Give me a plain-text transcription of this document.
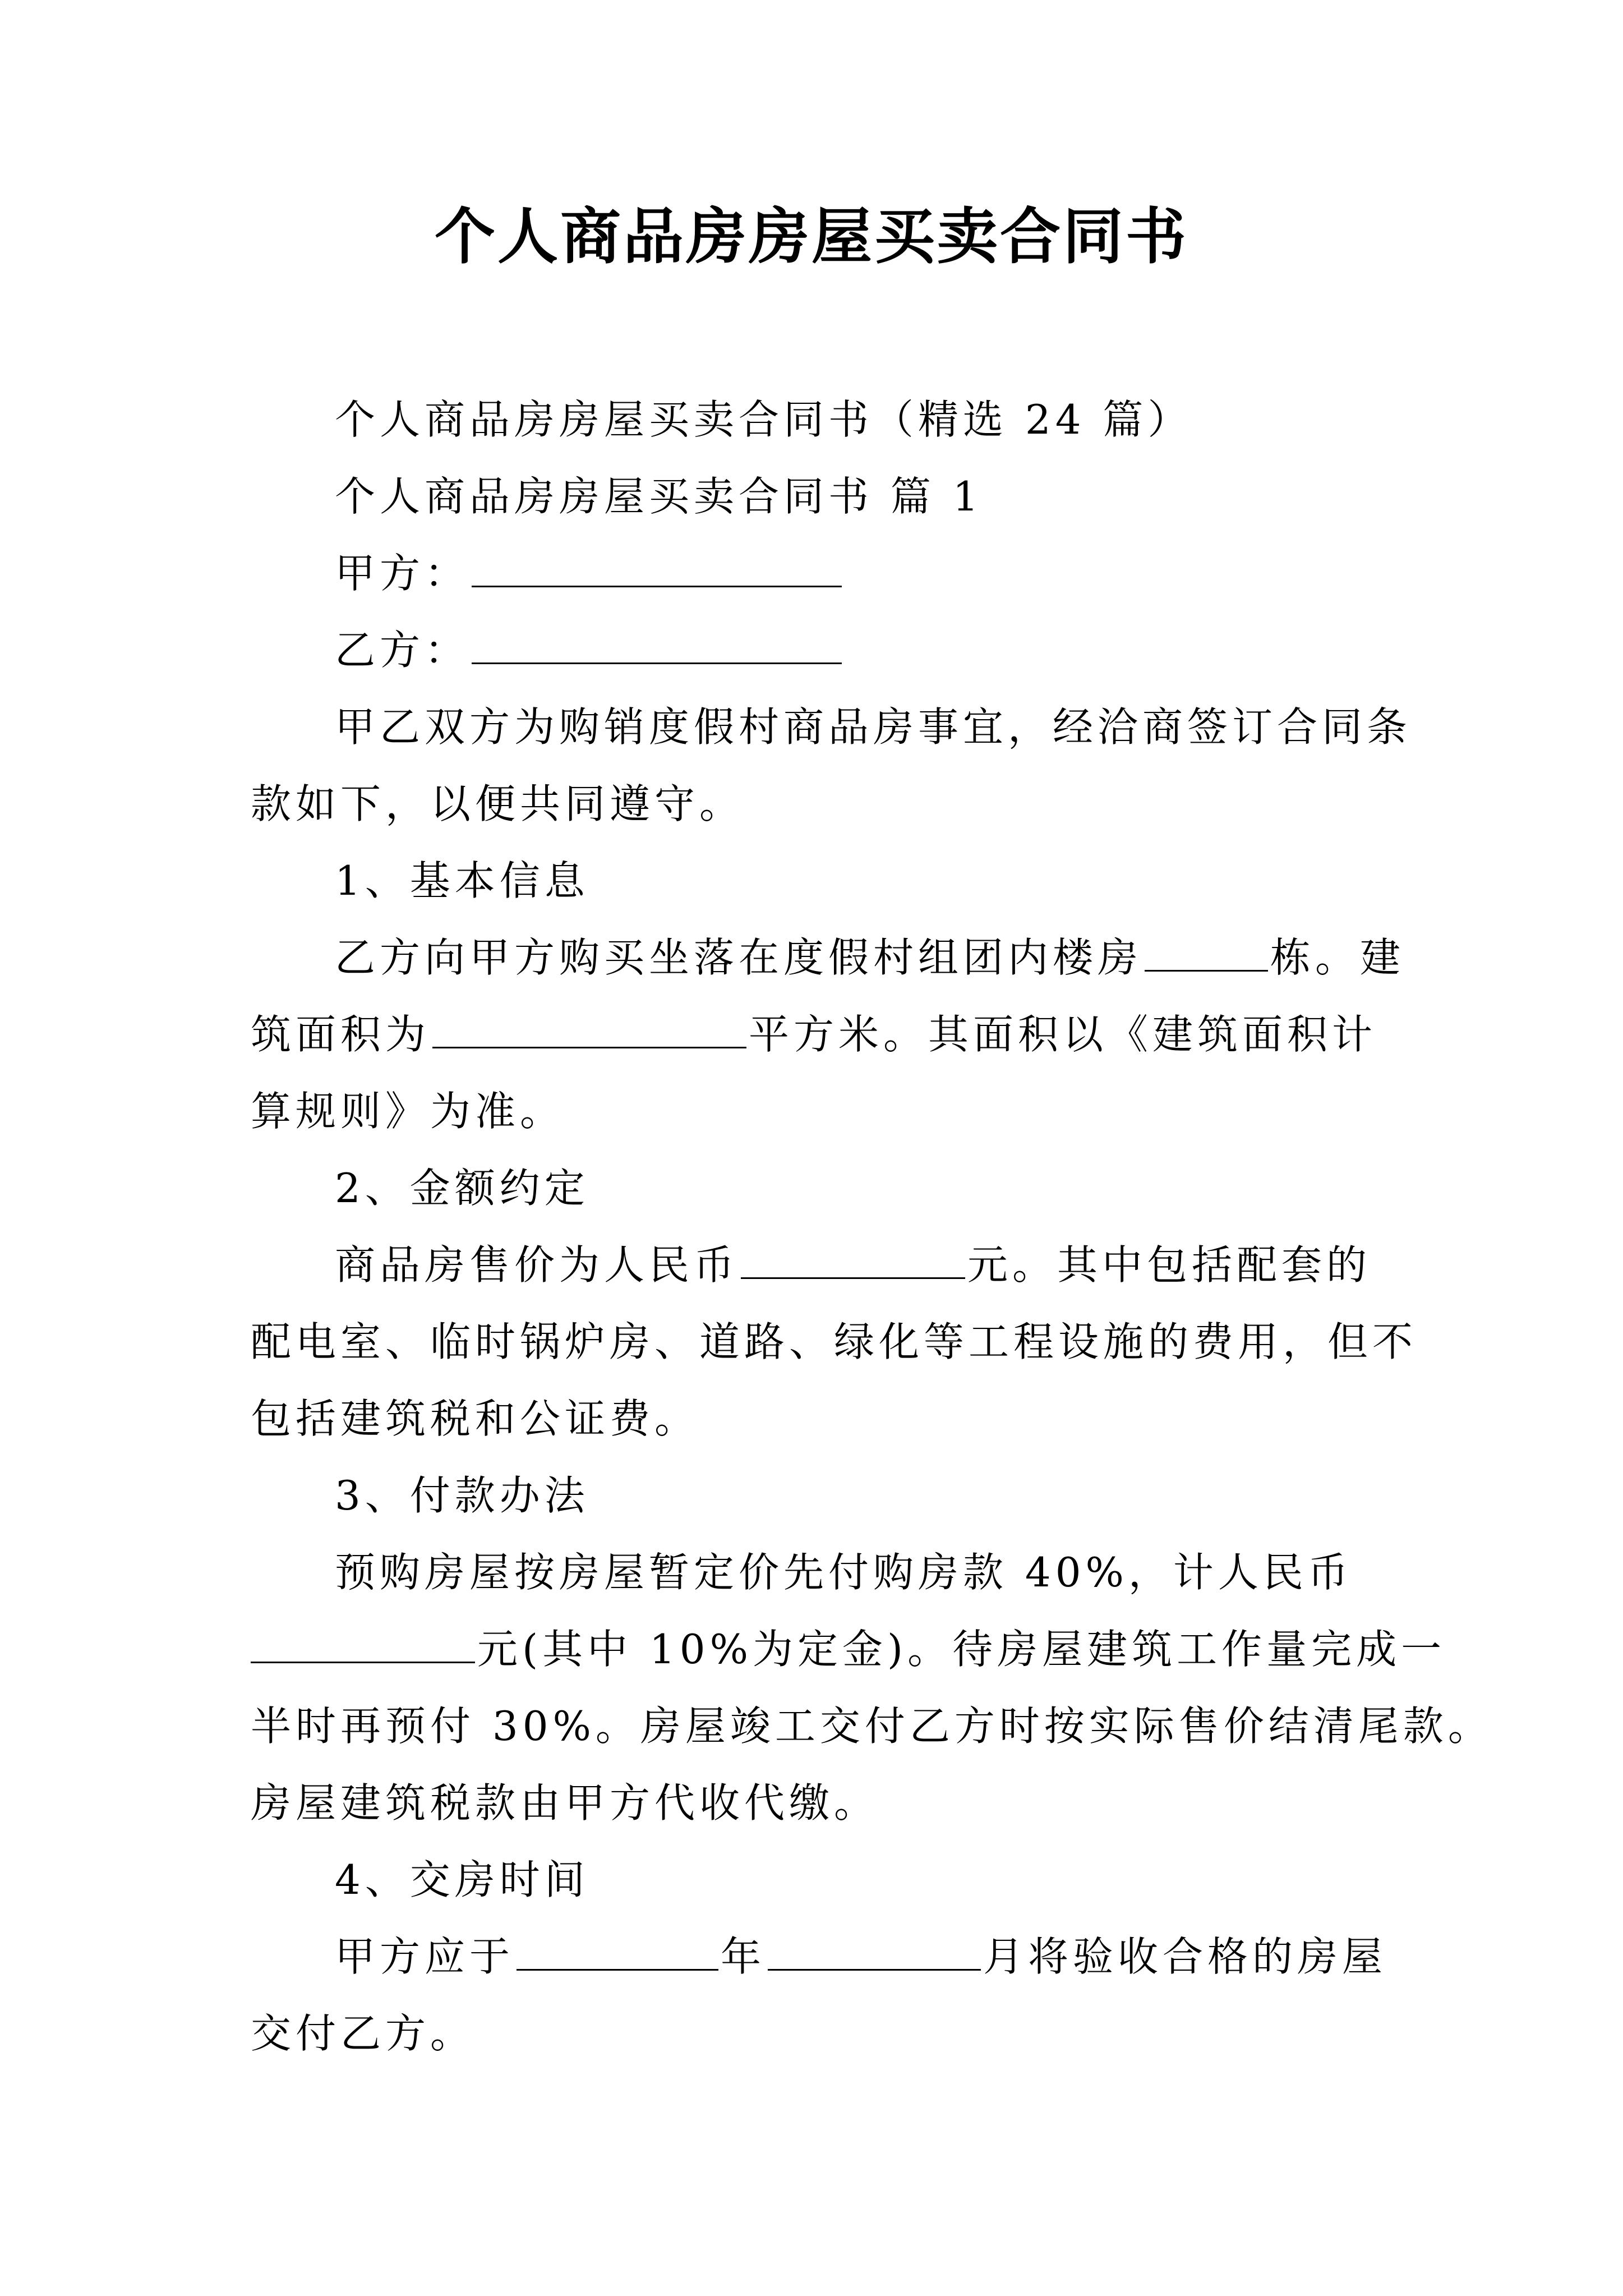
个人商品房房屋买卖合同书

个人商品房房屋买卖合同书（精选 24 篇）

个人商品房房屋买卖合同书 篇 1

甲方：

乙方：

甲乙双方为购销度假村商品房事宜，经洽商签订合同条

款如下，以便共同遵守。

1、基本信息

乙方向甲方购买坐落在度假村组团内楼房	栋。建

筑面积为	平方米。其面积以《建筑面积计

算规则》为准。

2、金额约定

商品房售价为人民币	元。其中包括配套的

配电室、临时锅炉房、道路、绿化等工程设施的费用，但不

包括建筑税和公证费。

3、付款办法

预购房屋按房屋暂定价先付购房款 40%，计人民币

元(其中 10%为定金)。待房屋建筑工作量完成一

半时再预付 30%。房屋竣工交付乙方时按实际售价结清尾款。

房屋建筑税款由甲方代收代缴。

4、交房时间

甲方应于	年	月将验收合格的房屋

交付乙方。
